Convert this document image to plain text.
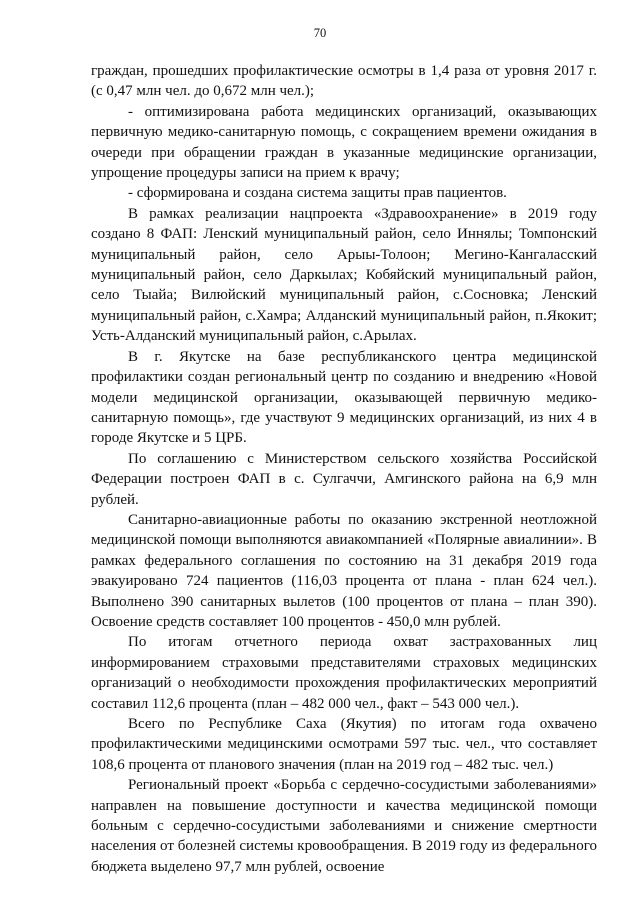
70

граждан, прошедших профилактические осмотры в 1,4 раза от уровня 2017 г. (с 0,47 млн чел. до 0,672 млн чел.);

- оптимизирована работа медицинских организаций, оказывающих первичную медико-санитарную помощь, с сокращением времени ожидания в очереди при обращении граждан в указанные медицинские организации, упрощение процедуры записи на прием к врачу;

- сформирована и создана система защиты прав пациентов.

В рамках реализации нацпроекта «Здравоохранение» в 2019 году создано 8 ФАП: Ленский муниципальный район, село Иннялы; Томпонский муниципальный район, село Арыы-Толоон; Мегино-Кангаласский муниципальный район, село Даркылах; Кобяйский муниципальный район, село Тыайа; Вилюйский муниципальный район, с.Сосновка; Ленский муниципальный район, с.Хамра; Алданский муниципальный район, п.Якокит; Усть-Алданский муниципальный район, с.Арылах.

В г. Якутске на базе республиканского центра медицинской профилактики создан региональный центр по созданию и внедрению «Новой модели медицинской организации, оказывающей первичную медико-санитарную помощь», где участвуют 9 медицинских организаций, из них 4 в городе Якутске и 5 ЦРБ.

По соглашению с Министерством сельского хозяйства Российской Федерации построен ФАП в с. Сулгаччи, Амгинского района на 6,9 млн рублей.

Санитарно-авиационные работы по оказанию экстренной неотложной медицинской помощи выполняются авиакомпанией «Полярные авиалинии». В рамках федерального соглашения по состоянию на 31 декабря 2019 года эвакуировано 724 пациентов (116,03 процента от плана - план 624 чел.). Выполнено 390 санитарных вылетов (100 процентов от плана – план 390). Освоение средств составляет 100 процентов - 450,0 млн рублей.

По итогам отчетного периода охват застрахованных лиц информированием страховыми представителями страховых медицинских организаций о необходимости прохождения профилактических мероприятий составил 112,6 процента (план – 482 000 чел., факт – 543 000 чел.).

Всего по Республике Саха (Якутия) по итогам года охвачено профилактическими медицинскими осмотрами 597 тыс. чел., что составляет 108,6 процента от планового значения (план на 2019 год – 482 тыс. чел.)

Региональный проект «Борьба с сердечно-сосудистыми заболеваниями» направлен на повышение доступности и качества медицинской помощи больным с сердечно-сосудистыми заболеваниями и снижение смертности населения от болезней системы кровообращения. В 2019 году из федерального бюджета выделено 97,7 млн рублей, освоение
